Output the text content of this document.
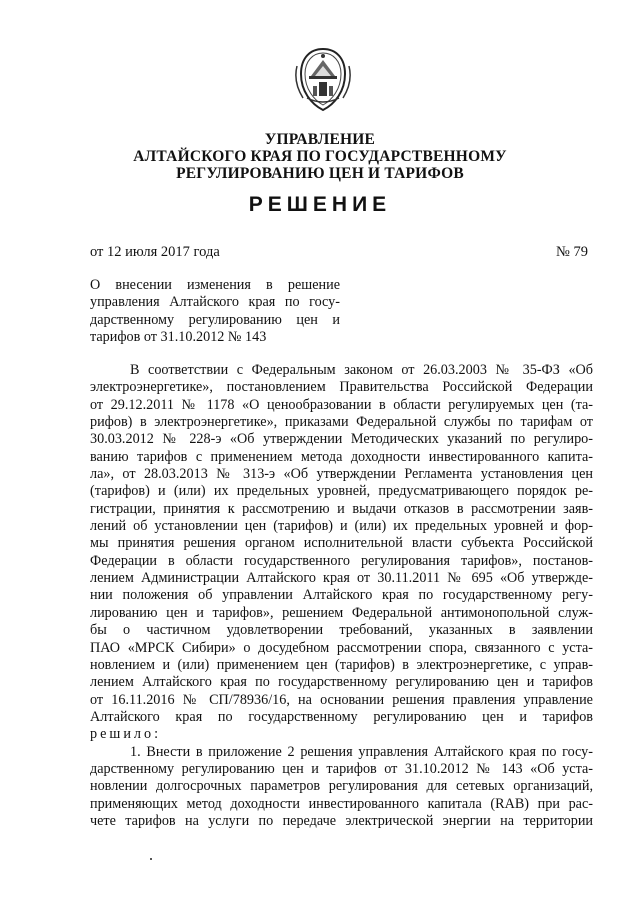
УПРАВЛЕНИЕ
АЛТАЙСКОГО КРАЯ ПО ГОСУДАРСТВЕННОМУ
РЕГУЛИРОВАНИЮ ЦЕН И ТАРИФОВ
РЕШЕНИЕ
от 12 июля 2017 года	№ 79
О внесении изменения в решение
управления Алтайского края по госу-
дарственному регулированию цен и
тарифов от 31.10.2012 № 143
В соответствии с Федеральным законом от 26.03.2003 № 35-ФЗ «Об
электроэнергетике», постановлением Правительства Российской Федерации
от 29.12.2011 № 1178 «О ценообразовании в области регулируемых цен (та-
рифов) в электроэнергетике», приказами Федеральной службы по тарифам от
30.03.2012 № 228-э «Об утверждении Методических указаний по регулиро-
ванию тарифов с применением метода доходности инвестированного капита-
ла», от 28.03.2013 № 313-э «Об утверждении Регламента установления цен
(тарифов) и (или) их предельных уровней, предусматривающего порядок ре-
гистрации, принятия к рассмотрению и выдачи отказов в рассмотрении заяв-
лений об установлении цен (тарифов) и (или) их предельных уровней и фор-
мы принятия решения органом исполнительной власти субъекта Российской
Федерации в области государственного регулирования тарифов», постанов-
лением Администрации Алтайского края от 30.11.2011 № 695 «Об утвержде-
нии положения об управлении Алтайского края по государственному регу-
лированию цен и тарифов», решением Федеральной антимонопольной служ-
бы о частичном удовлетворении требований, указанных в заявлении
ПАО «МРСК Сибири» о досудебном рассмотрении спора, связанного с уста-
новлением и (или) применением цен (тарифов) в электроэнергетике, с управ-
лением Алтайского края по государственному регулированию цен и тарифов
от 16.11.2016 № СП/78936/16, на основании решения правления управление
Алтайского края по государственному регулированию цен и тарифов
решило:
1. Внести в приложение 2 решения управления Алтайского края по госу-
дарственному регулированию цен и тарифов от 31.10.2012 № 143 «Об уста-
новлении долгосрочных параметров регулирования для сетевых организаций,
применяющих метод доходности инвестированного капитала (RAB) при рас-
чете тарифов на услуги по передаче электрической энергии на территории
